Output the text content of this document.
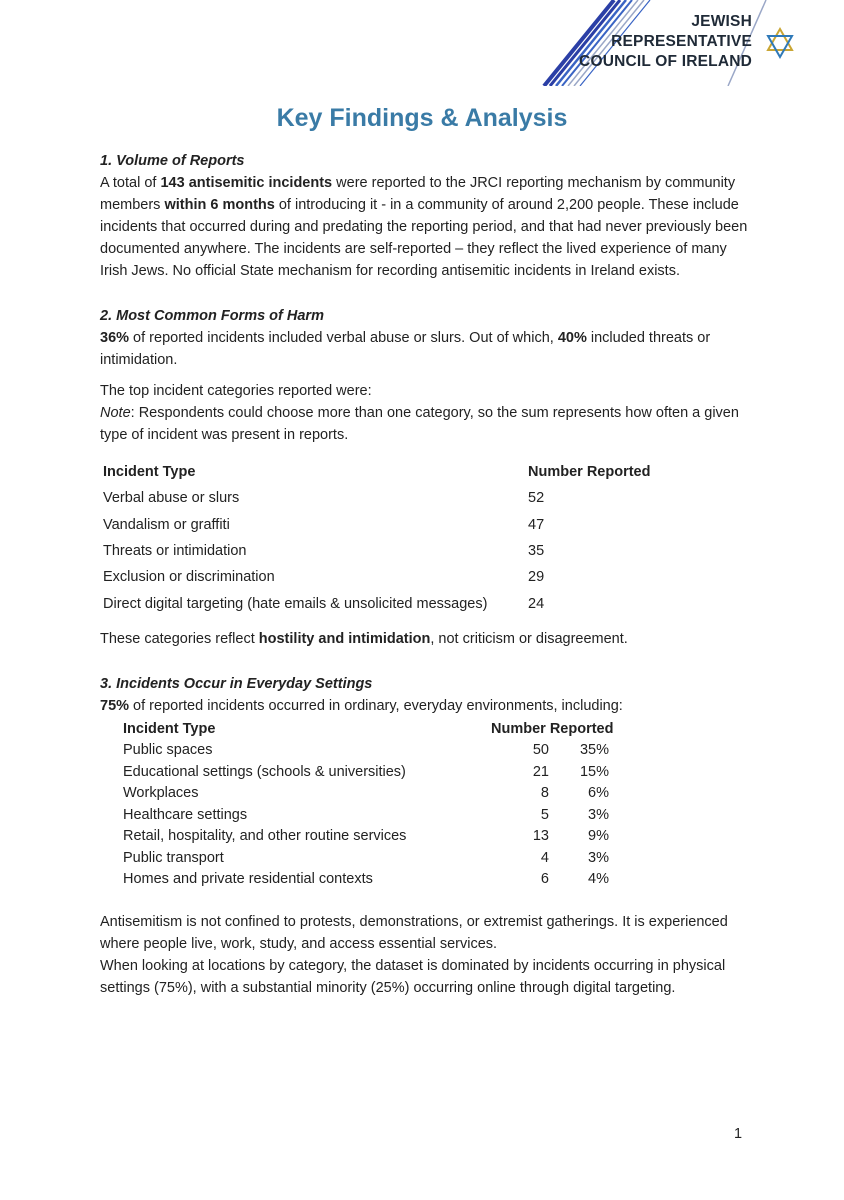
JEWISH
REPRESENTATIVE
COUNCIL OF IRELAND
Key Findings & Analysis
1. Volume of Reports

A total of 143 antisemitic incidents were reported to the JRCI reporting mechanism by community members within 6 months of introducing it - in a community of around 2,200 people. These include incidents that occurred during and predating the reporting period, and that had never previously been documented anywhere. The incidents are self-reported – they reflect the lived experience of many Irish Jews. No official State mechanism for recording antisemitic incidents in Ireland exists.

2. Most Common Forms of Harm

36% of reported incidents included verbal abuse or slurs. Out of which, 40% included threats or intimidation.

The top incident categories reported were:
Note: Respondents could choose more than one category, so the sum represents how often a given type of incident was present in reports.

Incident Type	Number Reported
Verbal abuse or slurs	52
Vandalism or graffiti	47
Threats or intimidation	35
Exclusion or discrimination	29
Direct digital targeting (hate emails & unsolicited messages)	24

These categories reflect hostility and intimidation, not criticism or disagreement.

3. Incidents Occur in Everyday Settings

75% of reported incidents occurred in ordinary, everyday environments, including:

Incident Type	Number Reported
Public spaces	50	35%
Educational settings (schools & universities)	21	15%
Workplaces	8	6%
Healthcare settings	5	3%
Retail, hospitality, and other routine services	13	9%
Public transport	4	3%
Homes and private residential contexts	6	4%

Antisemitism is not confined to protests, demonstrations, or extremist gatherings. It is experienced where people live, work, study, and access essential services.
When looking at locations by category, the dataset is dominated by incidents occurring in physical settings (75%), with a substantial minority (25%) occurring online through digital targeting.

1
